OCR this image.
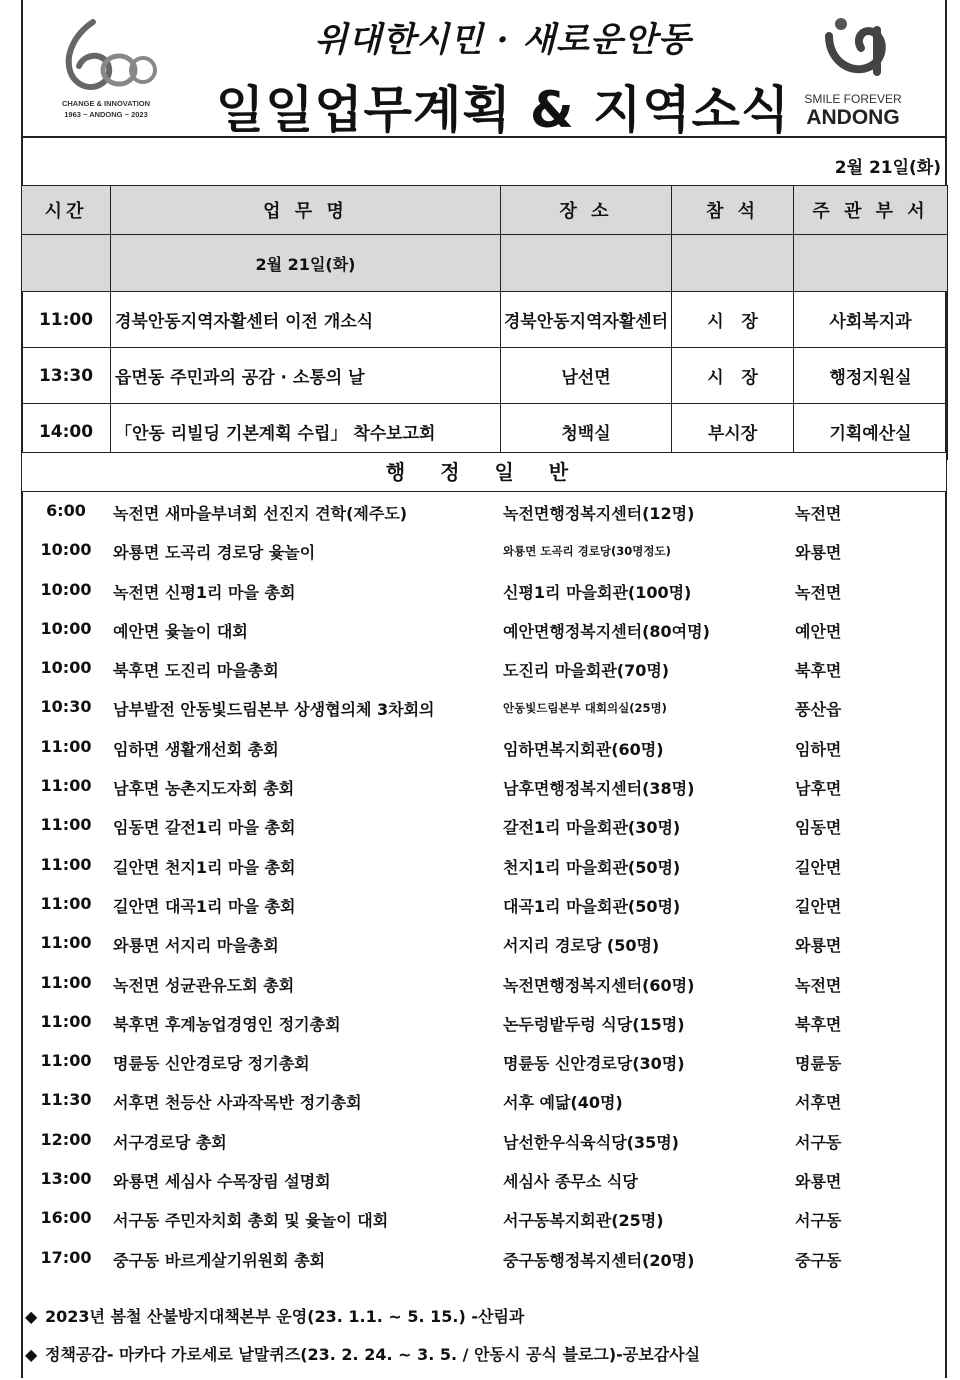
CHANGE & INNOVATION
1963 ~ ANDONG ~ 2023
위대한시민 · 새로운안동
일일업무계획 & 지역소식	SMILE FOREVER
ANDONG
2월 21일(화)
시간	업 무 명	장 소	참 석	주 관 부 서
	2월 21일(화)			
11:00	경북안동지역자활센터 이전 개소식	경북안동지역자활센터	시   장	사회복지과
13:30	읍면동 주민과의 공감 · 소통의 날	남선면	시   장	행정지원실
14:00	「안동 리빌딩 기본계획 수립」 착수보고회	청백실	부시장	기획예산실
행 정 일 반
6:00	녹전면 새마을부녀회 선진지 견학(제주도)	녹전면행정복지센터(12명)	녹전면
10:00	와룡면 도곡리 경로당 윷놀이	와룡면 도곡리 경로당(30명정도)	와룡면
10:00	녹전면 신평1리 마을 총회	신평1리 마을회관(100명)	녹전면
10:00	예안면 윷놀이 대회	예안면행정복지센터(80여명)	예안면
10:00	북후면 도진리 마을총회	도진리 마을회관(70명)	북후면
10:30	남부발전 안동빛드림본부 상생협의체 3차회의	안동빛드림본부 대회의실(25명)	풍산읍
11:00	임하면 생활개선회 총회	임하면복지회관(60명)	임하면
11:00	남후면 농촌지도자회 총회	남후면행정복지센터(38명)	남후면
11:00	임동면 갈전1리 마을 총회	갈전1리 마을회관(30명)	임동면
11:00	길안면 천지1리 마을 총회	천지1리 마을회관(50명)	길안면
11:00	길안면 대곡1리 마을 총회	대곡1리 마을회관(50명)	길안면
11:00	와룡면 서지리 마을총회	서지리 경로당 (50명)	와룡면
11:00	녹전면 성균관유도회 총회	녹전면행정복지센터(60명)	녹전면
11:00	북후면 후계농업경영인 정기총회	논두렁밭두렁 식당(15명)	북후면
11:00	명륜동 신안경로당 정기총회	명륜동 신안경로당(30명)	명륜동
11:30	서후면 천등산 사과작목반 정기총회	서후 예닮(40명)	서후면
12:00	서구경로당 총회	남선한우식육식당(35명)	서구동
13:00	와룡면 세심사 수목장림 설명회	세심사 종무소 식당	와룡면
16:00	서구동 주민자치회 총회 및 윷놀이 대회	서구동복지회관(25명)	서구동
17:00	중구동 바르게살기위원회 총회	중구동행정복지센터(20명)	중구동
◆ 2023년 봄철 산불방지대책본부 운영(23. 1.1. ~ 5. 15.) -산림과
◆ 정책공감- 마카다 가로세로 낱말퀴즈(23. 2. 24. ~ 3. 5. / 안동시 공식 블로그)-공보감사실
